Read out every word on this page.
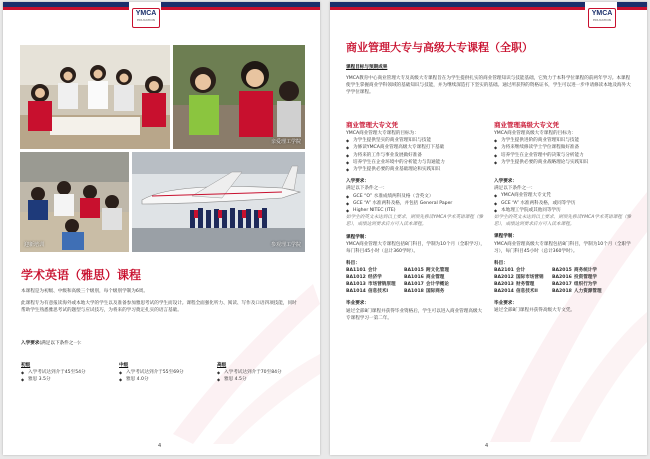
YMCA
EDUCATION
亲爱理工学院
迎新培训	参观理工学院
学术英语（雅思）课程
本课程是为初级、中级和高级三个级别，每个级别学制为6周。
此课程专为有意报读海外或本地大学的学生以及准备参加雅思考试的学生而设计。课程全面强化听力、阅读、写作及口语四项技能，同时帮助学生熟悉雅思考试的题型与应试技巧，为将来的学习奠定扎实的语言基础。
入学要求(满足以下条件之一)：
初级
◆ 入学考试达到介于45至54分
◆ 雅思 3.5分
中级
◆ 入学考试达到介于55至69分
◆ 雅思 4.0分
高级
◆ 入学考试达到介于70至84分
◆ 雅思 4.5分
4
YMCA
EDUCATION
商业管理大专与高级大专课程（全职）
课程目标与预期成果
YMCA教育中心商业管理大专及高级大专课程旨在为学生提供扎实的商业管理知识与技能基础，它致力于本科学位课程的前两年学习。本课程使学生掌握商业学科领域的基础知识与技能，并为继续深造打下坚实的基础。通过所获得的资格证书，学生可以进一步申请修读本地及海外大学学位课程。
商业管理大专文凭
YMCA商业管理大专课程的目标为：
◆ 为学生提供坚实的商业管理知识与技能
◆ 为修读YMCA商业管理高级大专课程打下基础
◆ 为将来的工作与事业发展做好准备
◆ 培养学生在企业环境中的分析能力与沟通能力
◆ 为学生提供必要的商业基础理论和实践知识
入学要求：
满足以下条件之一：
◆ GCE “O” 水准成绩两科及格（含英文）
◆ GCE “A” 水准两科及格，并包括 General Paper
◆ Higher NITEC (ITE)
如学生的英文未达到以上要求，则须先修读YMCA学术英语课程（雅思），成绩达到要求后方可入读本课程。
课程学制：
YMCA商业管理大专课程包括8门科目，学制为10个月（全职学习），每门科目45小时（总计360学时）。
科目：
BA1101 会计	BA1015 跨文化管理
BA1012 经济学	BA1016 商业管理
BA1013 市场营销原理	BA1017 会计学概论
BA1014 信息技术I	BA1018 国际商务
毕业要求：
通过全部8门课程并获得毕业资格后，学生可以进入商业管理高级大专课程学习一第二年。
商业管理高级大专文凭
YMCA商业管理高级大专课程的目标为：
◆ 为学生提供进阶的商业管理知识与技能
◆ 为将来继续修读学士学位课程做好准备
◆ 培养学生在企业管理中的决策与分析能力
◆ 为学生提供必要的商业战略理论与实践知识
入学要求：
满足以下条件之一：
◆ YMCA商业管理大专文凭
◆ GCE “A” 水准两科及格，或同等学历
◆ 本地理工学院或其他同等学历
如学生的英文未达到以上要求，则须先修读YMCA学术英语课程（雅思），成绩达到要求后方可入读本课程。
课程学制：
YMCA商业管理高级大专课程包括8门科目，学制为10个月（全职学习），每门科目45小时（总计360学时）。
科目：
BA2101 会计	BA2015 商务统计学
BA2012 国际市场营销	BA2016 投资管理学
BA2013 财务管理	BA2017 组织行为学
BA2014 信息技术II	BA2018 人力资源管理
毕业要求：
通过全部8门课程并获得高级大专文凭。
4
